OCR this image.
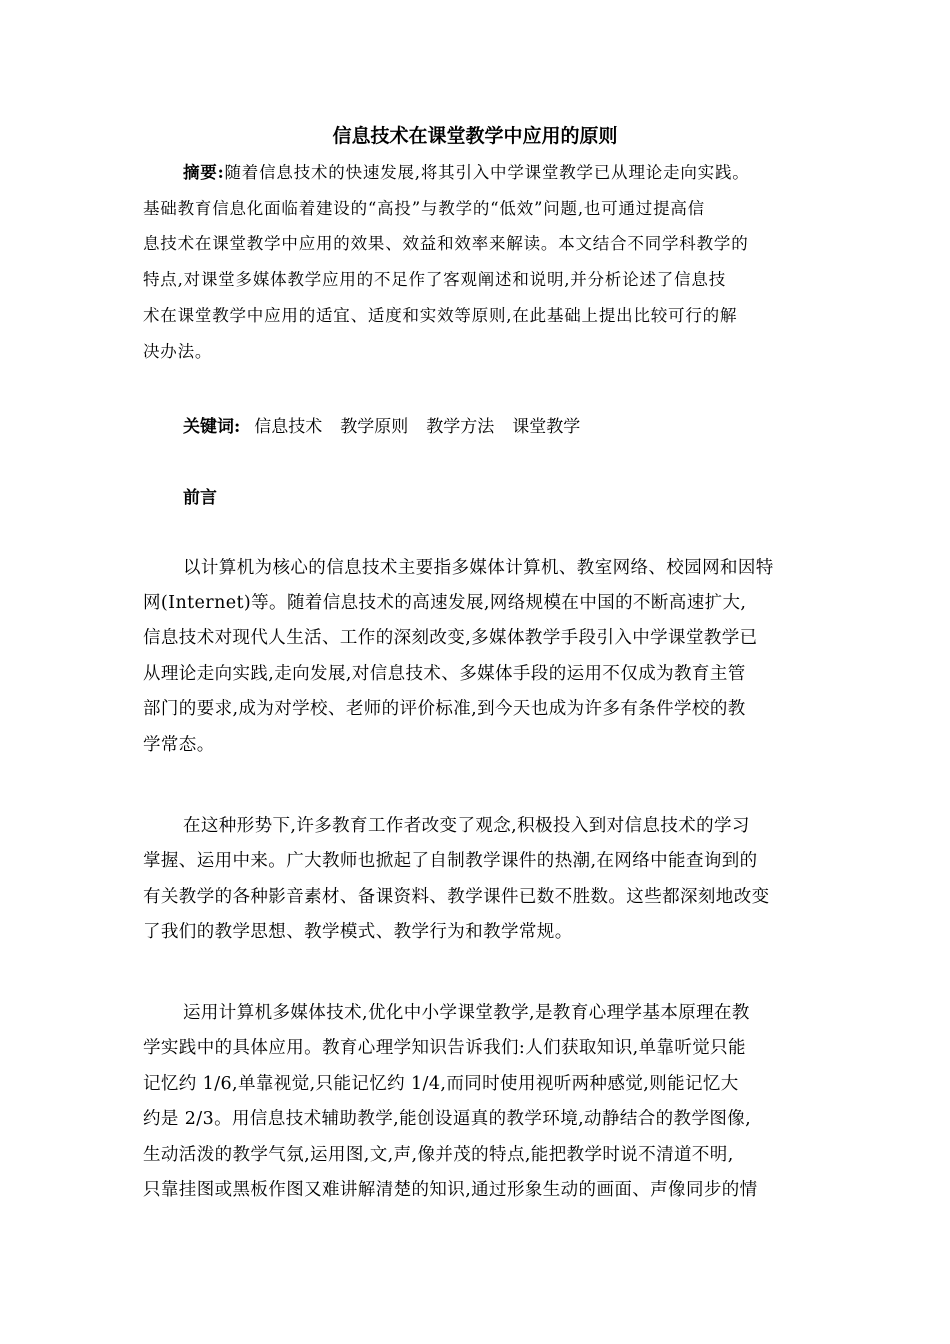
信息技术在课堂教学中应用的原则
摘要:随着信息技术的快速发展,将其引入中学课堂教学已从理论走向实践。
基础教育信息化面临着建设的“高投”与教学的“低效”问题,也可通过提高信
息技术在课堂教学中应用的效果、效益和效率来解读。本文结合不同学科教学的
特点,对课堂多媒体教学应用的不足作了客观阐述和说明,并分析论述了信息技
术在课堂教学中应用的适宜、适度和实效等原则,在此基础上提出比较可行的解
决办法。
关键词: 信息技术 教学原则 教学方法 课堂教学
前言
以计算机为核心的信息技术主要指多媒体计算机、教室网络、校园网和因特
网(Internet)等。随着信息技术的高速发展,网络规模在中国的不断高速扩大,
信息技术对现代人生活、工作的深刻改变,多媒体教学手段引入中学课堂教学已
从理论走向实践,走向发展,对信息技术、多媒体手段的运用不仅成为教育主管
部门的要求,成为对学校、老师的评价标准,到今天也成为许多有条件学校的教
学常态。
在这种形势下,许多教育工作者改变了观念,积极投入到对信息技术的学习
掌握、运用中来。广大教师也掀起了自制教学课件的热潮,在网络中能查询到的
有关教学的各种影音素材、备课资料、教学课件已数不胜数。这些都深刻地改变
了我们的教学思想、教学模式、教学行为和教学常规。
运用计算机多媒体技术,优化中小学课堂教学,是教育心理学基本原理在教
学实践中的具体应用。教育心理学知识告诉我们:人们获取知识,单靠听觉只能
记忆约 1/6,单靠视觉,只能记忆约 1/4,而同时使用视听两种感觉,则能记忆大
约是 2/3。用信息技术辅助教学,能创设逼真的教学环境,动静结合的教学图像,
生动活泼的教学气氛,运用图,文,声,像并茂的特点,能把教学时说不清道不明,
只靠挂图或黑板作图又难讲解清楚的知识,通过形象生动的画面、声像同步的情
